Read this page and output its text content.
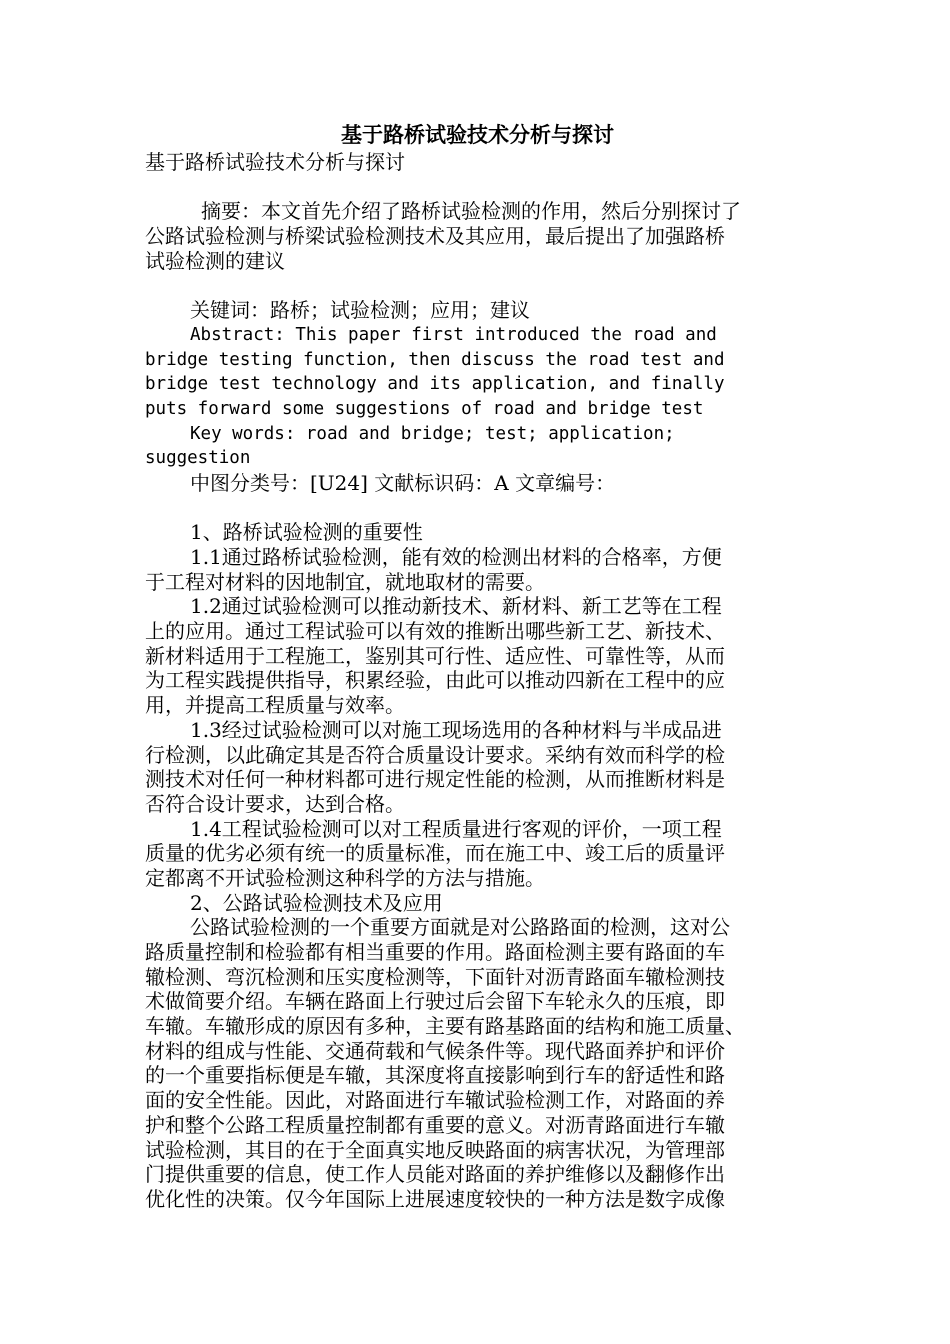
基于路桥试验技术分析与探讨

基于路桥试验技术分析与探讨

摘要：本文首先介绍了路桥试验检测的作用，然后分别探讨了

公路试验检测与桥梁试验检测技术及其应用，最后提出了加强路桥

试验检测的建议

关键词：路桥；试验检测；应用；建议

Abstract: This paper first introduced the road and

bridge testing function, then discuss the road test and

bridge test technology and its application, and finally

puts forward some suggestions of road and bridge test

Key words: road and bridge; test; application;

suggestion

中图分类号：[U24] 文献标识码：A 文章编号：

1、路桥试验检测的重要性

1.1通过路桥试验检测，能有效的检测出材料的合格率，方便

于工程对材料的因地制宜，就地取材的需要。

1.2通过试验检测可以推动新技术、新材料、新工艺等在工程

上的应用。通过工程试验可以有效的推断出哪些新工艺、新技术、

新材料适用于工程施工，鉴别其可行性、适应性、可靠性等，从而

为工程实践提供指导，积累经验，由此可以推动四新在工程中的应

用，并提高工程质量与效率。

1.3经过试验检测可以对施工现场选用的各种材料与半成品进

行检测，以此确定其是否符合质量设计要求。采纳有效而科学的检

测技术对任何一种材料都可进行规定性能的检测，从而推断材料是

否符合设计要求，达到合格。

1.4工程试验检测可以对工程质量进行客观的评价，一项工程

质量的优劣必须有统一的质量标准，而在施工中、竣工后的质量评

定都离不开试验检测这种科学的方法与措施。

2、公路试验检测技术及应用

公路试验检测的一个重要方面就是对公路路面的检测，这对公

路质量控制和检验都有相当重要的作用。路面检测主要有路面的车

辙检测、弯沉检测和压实度检测等，下面针对沥青路面车辙检测技

术做简要介绍。车辆在路面上行驶过后会留下车轮永久的压痕，即

车辙。车辙形成的原因有多种，主要有路基路面的结构和施工质量、

材料的组成与性能、交通荷载和气候条件等。现代路面养护和评价

的一个重要指标便是车辙，其深度将直接影响到行车的舒适性和路

面的安全性能。因此，对路面进行车辙试验检测工作，对路面的养

护和整个公路工程质量控制都有重要的意义。对沥青路面进行车辙

试验检测，其目的在于全面真实地反映路面的病害状况，为管理部

门提供重要的信息，使工作人员能对路面的养护维修以及翻修作出

优化性的决策。仅今年国际上进展速度较快的一种方法是数字成像
